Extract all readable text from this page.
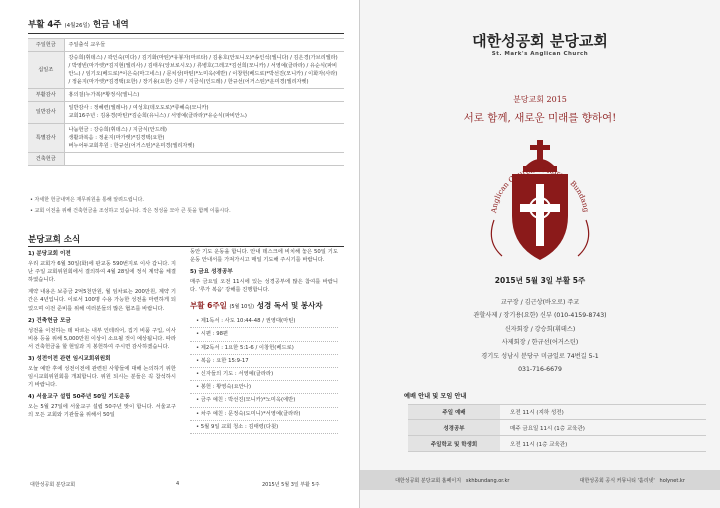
부활 4주 (4월26일) 헌금 내역
주일헌금	주일출석 교우들
십일조	강승희(휘데스) / 곽인숙(미다) / 김기화(마틴)*유봉자(마르타) / 김용호(안토니오)*송인석(엘니다) / 김은경(가브리엘라) / 박영빈(마가렛)*김지현(엘리사) / 김태우(앙브로시오) / 류병호(그레고*김선희(모니카) / 서영예(클라라) / 유순식(파비안느) / 임기오(베드로)*이은숙(마그네스) / 문치상(마틴)*노미옥(에반) / 이창헌(베드로)*박선진(모니카) / 이화자(사라) / 정윤지(마가렛)*김경택(요한) / 장기용(요한) 신부 / 지금식(인드레) / 한규선(어거스틴)*운미경(엘리자벳)
부활감사	홍의걸(누가복)*황정식(엘니스)
일반감사	일반감사 : 정혜련(엘레나) / 여성호(데오도로)*류혜숙(모니카)
교회16주년 : 김용경(마틴)*김순희(유니스) / 서영예(클라라)*유순식(파비안느)
특별감사	나눔헌금 : 강승희(휘데스) / 지금식(안드레)
생활과복음 : 정윤지(마가렛)*김경택(요한)
버누어두교회후원 : 한규선(어거스틴)*운미경(엘리자벳)
건축헌금	
• 자세한 헌금내역은 재무위원을 통해 알려드립니다.
• 교회 이전을 위해 건축헌금을 조성하고 있습니다. 작은 정성을 모아 큰 뜻을 함께 이룹시다.
분당교회 소식
1) 분당교회 이전

우리 교회가 6월 30일(화)에 판교동 590번지로 이사 갑니다. 지난 주일 교회위원회에서 결의하여 4월 28일에 정식 계약을 체결하였습니다.

계약 내용은 보증금 2억5천만원, 월 임차료는 200만원, 계약 기간은 4년입니다. 이로서 100명 수용 가능한 성전을 마련하게 되었으며 이전 준비를 위해 여러분들의 많은 협조를 바랍니다.

2) 건축헌금 모금

성전을 이전하는 데 따르는 내부 인테리어, 집기 비품 구입, 이사 비용 등을 위해 5,000만원 이상이 소요될 것이 예상됩니다. 따라서 건축헌금을 할 현일과 지 봉헌하여 주시면 감사하겠습니다.

3) 성전이전 관련 임시교회위원회

오늘 예만 후에 성전이전에 관련된 사항들에 대해 논의하기 위한 임시교회위원회를 개최합니다. 위원 되시는 분들은 꼭 참석하시기 바랍니다.

4) 서울교구 설립 50주년 50일 기도운동

오는 5월 27일에 서울교구 설립 50주년 맞이 합니다. 서울교구의 모든 교회와 기관들을 위해서 50일

동안 기도 운동을 합니다. 안내 데스크에 비치해 놓은 50일 기도운동 안내서를 가져가시고 매일 기도해 주시기를 바랍니다.

5) 금요 성경공부

매주 금요일 오전 11시에 있는 성경공부에 많은 참여를 바랍니다. '루가 복음' 강해를 진행합니다.

부활 6주일 (5월 10일) 성경 독서 및 봉사자
• 제1독서 : 사도 10:44-48 / 권영대(마틴)
• 시편 : 98편
• 제2독서 : 1요한 5:1-6 / 이창헌(베드로)
• 복음 : 요한 15:9-17
• 신자들의 기도 : 서영예(클라라)
• 봉헌 : 황영숙(요안나)
• 금주 예친 : 박선진(모니카)*노미옥(에반)
• 차주 예친 : 문정숙(도미니)*서영예(클라라)
• 5월 9일 교회 청소 : 김태령(다윗)
대한성공회 분당교회	4	2015년 5월 3일 부활 5주
대한성공회 분당교회
St. Mark's Anglican Church
분당교회 2015
서로 함께, 새로운 미래를 향하여!
Anglican Church of Korea, Bundang
2015년 5월 3일 부활 5주
교구장 / 김근상(바오로) 주교
관할사제 / 장기용(요한) 신부 (010-4159-8743)
신자회장 / 강승희(휘데스)
사제회장 / 한규선(어거스틴)
경기도 성남시 분당구 미금일로 74번길 5-1
031-716-6679
예배 안내 및 모임 안내
주일 예배	오전 11시 (지하 성전)
성경공부	매주 금요일 11시 (1층 교육관)
주일학교 및 학생회	오전 11시 (1층 교육관)
대한성공회 분당교회 홈페이지 skhbundang.or.kr	대한성공회 공식 커뮤니티 '홀리넷' holynet.kr
